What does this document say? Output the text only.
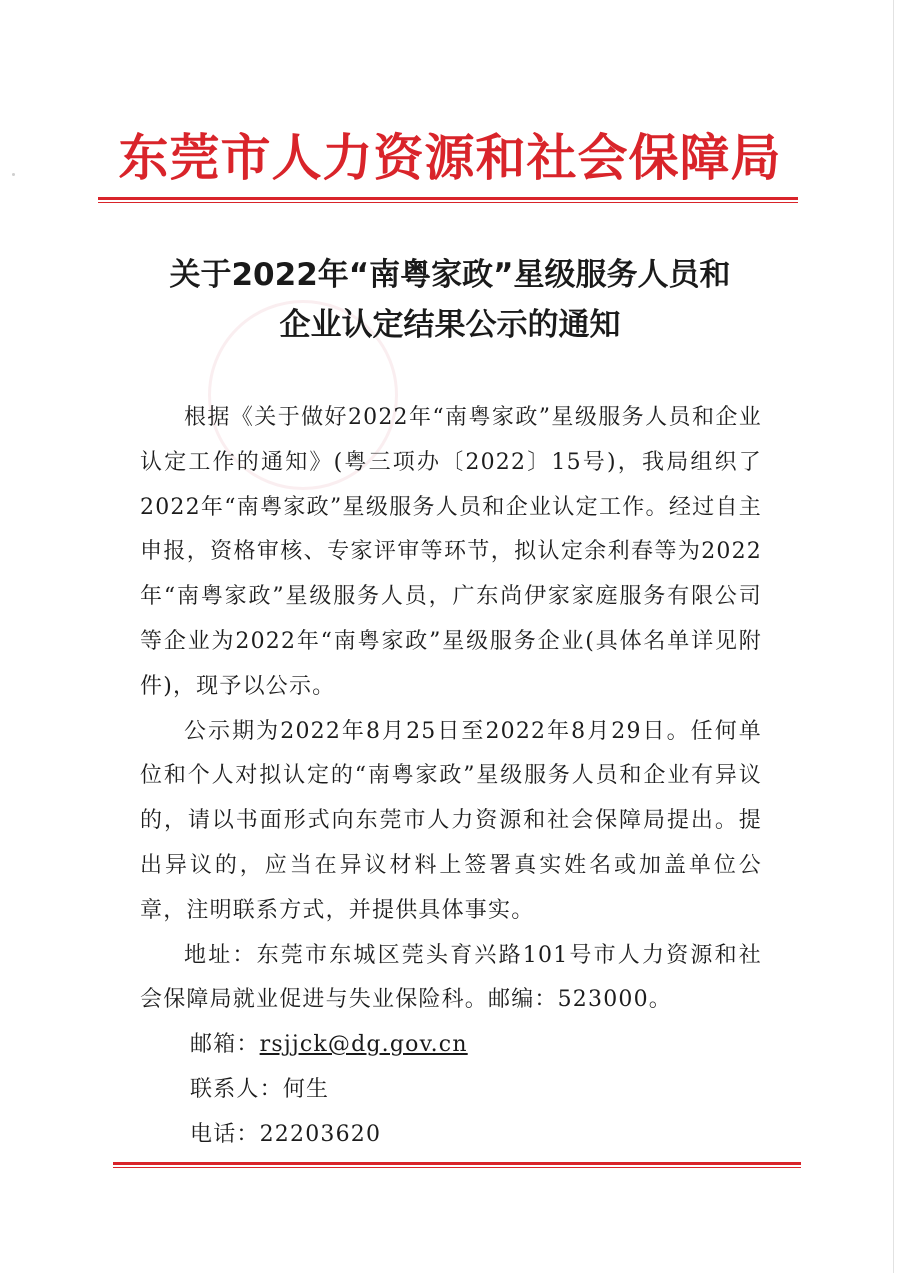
东莞市人力资源和社会保障局
关于2022年“南粤家政”星级服务人员和
企业认定结果公示的通知

根据《关于做好2022年“南粤家政”星级服务人员和企业认定工作的通知》(粤三项办〔2022〕15号)，我局组织了2022年“南粤家政”星级服务人员和企业认定工作。经过自主申报，资格审核、专家评审等环节，拟认定余利春等为2022年“南粤家政”星级服务人员，广东尚伊家家庭服务有限公司等企业为2022年“南粤家政”星级服务企业(具体名单详见附件)，现予以公示。

公示期为2022年8月25日至2022年8月29日。任何单位和个人对拟认定的“南粤家政”星级服务人员和企业有异议的，请以书面形式向东莞市人力资源和社会保障局提出。提出异议的，应当在异议材料上签署真实姓名或加盖单位公章，注明联系方式，并提供具体事实。

地址：东莞市东城区莞头育兴路101号市人力资源和社会保障局就业促进与失业保险科。邮编：523000。

邮箱：rsjjck@dg.gov.cn

联系人：何生

电话：22203620
